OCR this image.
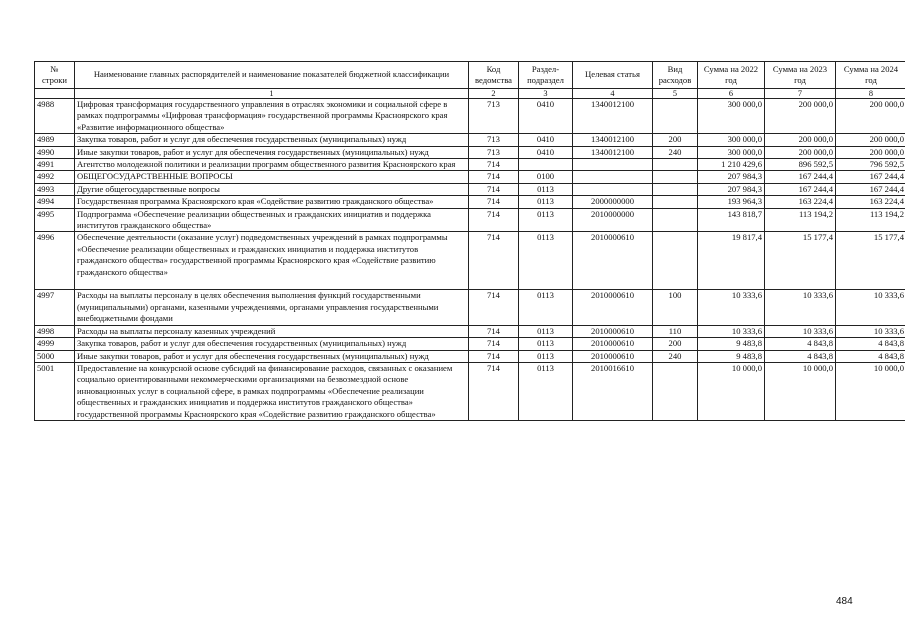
№ строки	Наименование главных распорядителей и наименование показателей бюджетной классификации	Код ведомства	Раздел-подраздел	Целевая статья	Вид расходов	Сумма на 2022 год	Сумма на 2023 год	Сумма на 2024 год
	1	2	3	4	5	6	7	8
4988	Цифровая трансформация государственного управления в отраслях экономики и социальной сфере в рамках подпрограммы «Цифровая трансформация» государственной программы Красноярского края «Развитие информационного общества»	713	0410	1340012100		300 000,0	200 000,0	200 000,0
4989	Закупка товаров, работ и услуг для обеспечения государственных (муниципальных) нужд	713	0410	1340012100	200	300 000,0	200 000,0	200 000,0
4990	Иные закупки товаров, работ и услуг для обеспечения государственных (муниципальных) нужд	713	0410	1340012100	240	300 000,0	200 000,0	200 000,0
4991	Агентство молодежной политики и реализации программ общественного развития Красноярского края	714				1 210 429,6	896 592,5	796 592,5
4992	ОБЩЕГОСУДАРСТВЕННЫЕ ВОПРОСЫ	714	0100			207 984,3	167 244,4	167 244,4
4993	Другие общегосударственные вопросы	714	0113			207 984,3	167 244,4	167 244,4
4994	Государственная программа Красноярского края «Содействие развитию гражданского общества»	714	0113	2000000000		193 964,3	163 224,4	163 224,4
4995	Подпрограмма «Обеспечение реализации общественных и гражданских инициатив и поддержка институтов гражданского общества»	714	0113	2010000000		143 818,7	113 194,2	113 194,2
4996	Обеспечение деятельности (оказание услуг) подведомственных учреждений в рамках подпрограммы «Обеспечение реализации общественных и гражданских инициатив и поддержка институтов гражданского общества» государственной программы Красноярского края «Содействие развитию гражданского общества»	714	0113	2010000610		19 817,4	15 177,4	15 177,4
4997	Расходы на выплаты персоналу в целях обеспечения выполнения функций государственными (муниципальными) органами, казенными учреждениями, органами управления государственными внебюджетными фондами	714	0113	2010000610	100	10 333,6	10 333,6	10 333,6
4998	Расходы на выплаты персоналу казенных учреждений	714	0113	2010000610	110	10 333,6	10 333,6	10 333,6
4999	Закупка товаров, работ и услуг для обеспечения государственных (муниципальных) нужд	714	0113	2010000610	200	9 483,8	4 843,8	4 843,8
5000	Иные закупки товаров, работ и услуг для обеспечения государственных (муниципальных) нужд	714	0113	2010000610	240	9 483,8	4 843,8	4 843,8
5001	Предоставление на конкурсной основе субсидий на финансирование расходов, связанных с оказанием социально ориентированными некоммерческими организациями на безвозмездной основе инновационных услуг в социальной сфере, в рамках подпрограммы «Обеспечение реализации общественных и гражданских инициатив и поддержка институтов гражданского общества» государственной программы Красноярского края «Содействие развитию гражданского общества»	714	0113	2010016610		10 000,0	10 000,0	10 000,0
484
